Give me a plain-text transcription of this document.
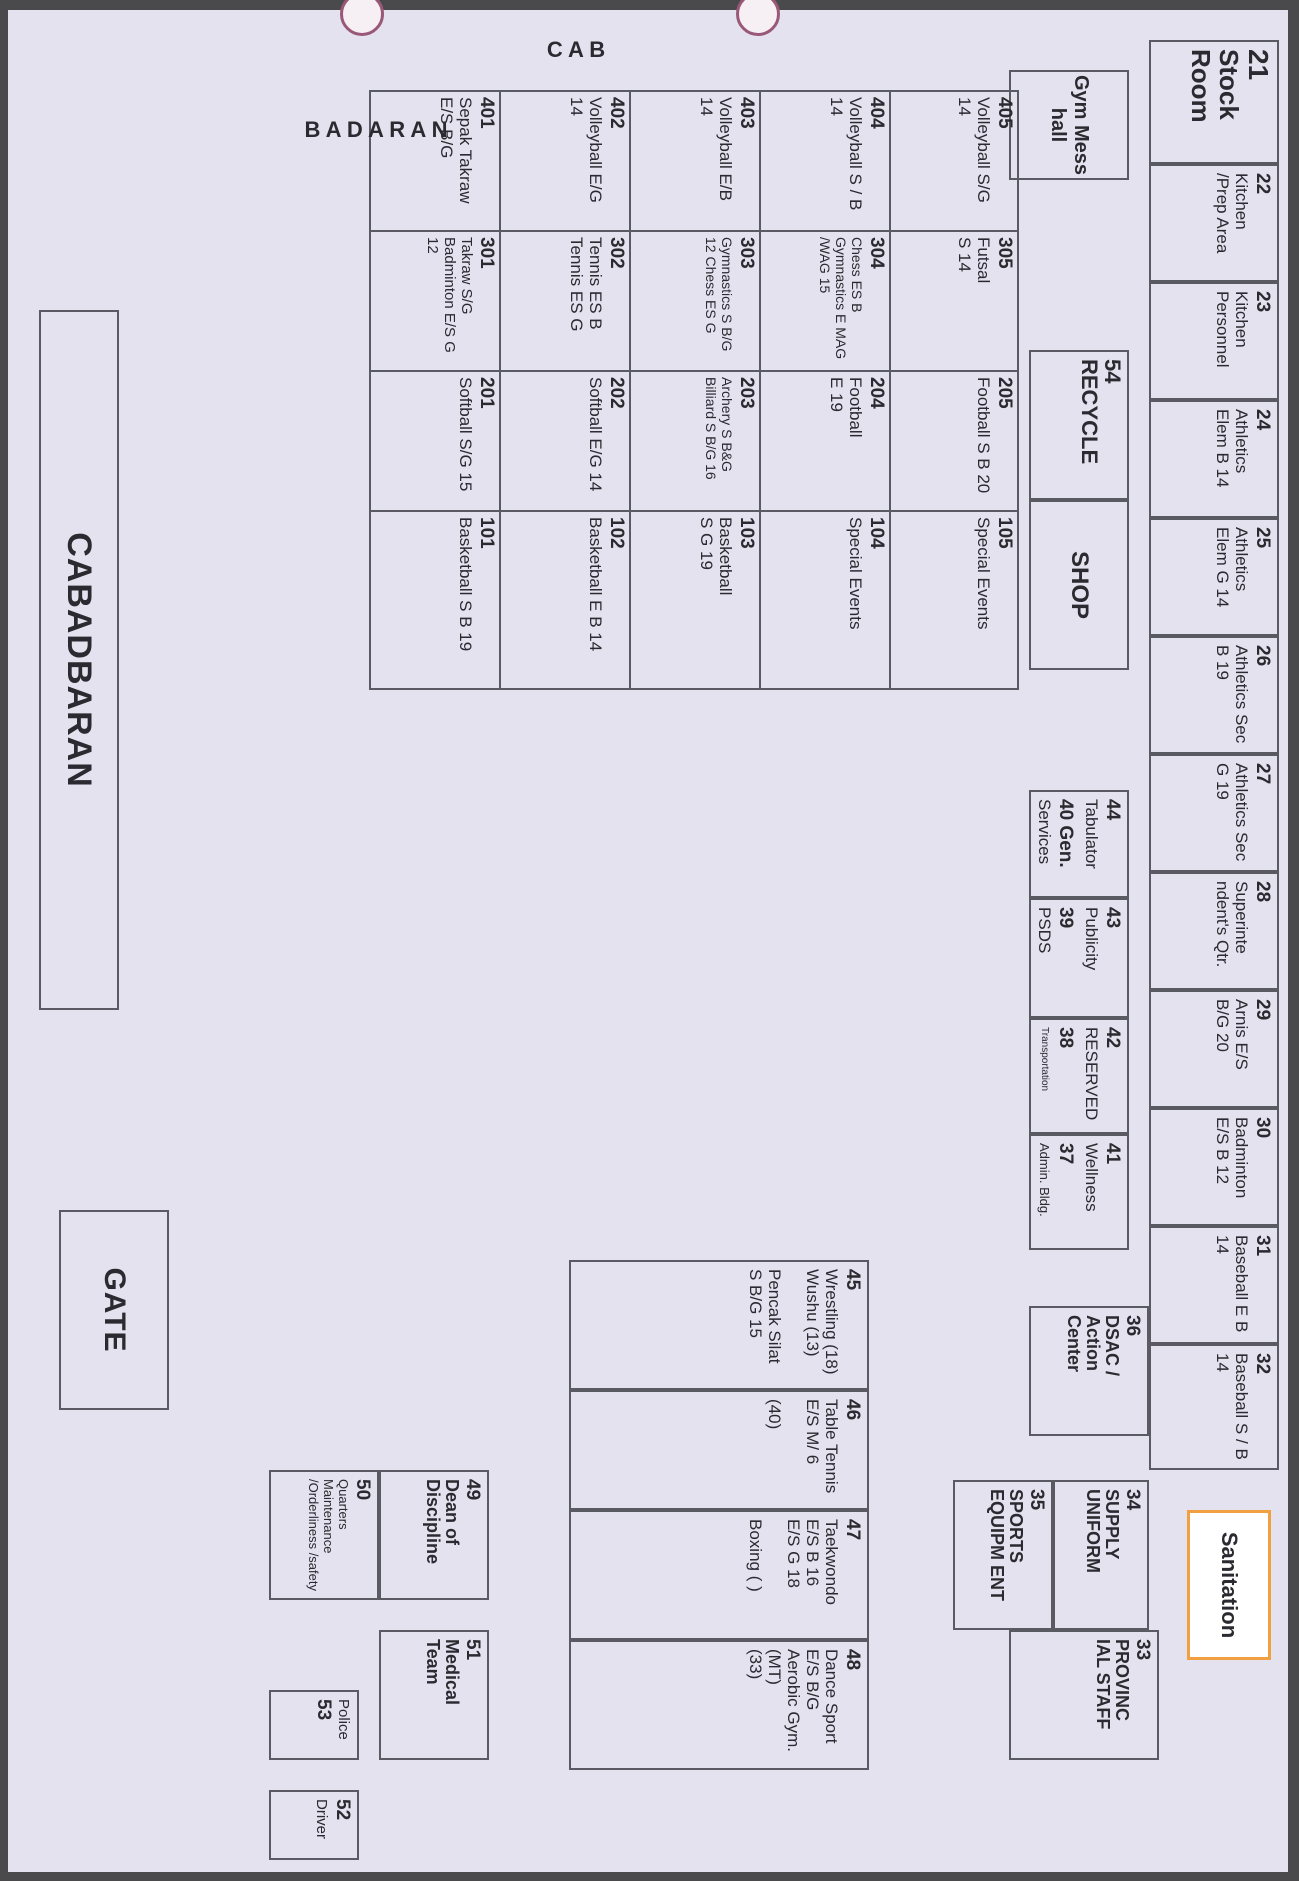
21
Stock Room
22
Kitchen /Prep Area
23
Kitchen Personnel
24
Athletics Elem B 14
25
Athletics Elem G 14
26
Athletics Sec B 19
27
Athletics Sec G 19
28
Superinte ndent's Qtr.
29
Arnis E/S B/G 20
30
Badminton E/S B 12
31
Baseball E B 14
32
Baseball S / B 14
Sanitation
Gym Mess hall
54
RECYCLE
SHOP
44
Tabulator
40 Gen.
Services
43
Publicity
39
PSDS
42
RESERVED
38
Transportation
41
Wellness
37
Admin. Bldg.
36
DSAC / Action Center
34
SUPPLY UNIFORM
35
SPORTS EQUIPM ENT
33
PROVINC IAL STAFF
405
Volleyball S/G 14
305
Futsal
S 14
205
Football S B 20
105
Special Events
404
Volleyball S / B 14
304
Chess ES B Gymnastics E MAG /WAG 15
204
Football
E 19
104
Special Events
403
Volleyball E/B 14
303
Gymnastics S B/G 12 Chess ES G
203
Archery S B&G Billiard S B/G 16
103
Basketball
S G 19
402
Volleyball E/G 14
302
Tennis ES B Tennis ES G
202
Softball E/G 14
102
Basketball E B 14
401
Sepak Takraw E/S B/G
301
Takraw S/G Badminton E/S G 12
201
Softball S/G 15
101
Basketball S B 19
45
Wrestling (18)
Wushu (13)

Pencak Silat
S B/G 15
46
Table Tennis
E/S M/ 6

(40)
47
Taekwondo E/S B 16
E/S G 18

Boxing ( )
48
Dance Sport E/S B/G
Aerobic Gym. (MT)
(33)
49
Dean of Discipline
50
Quarters Maintenance /Orderliness /safety
51
Medical Team
Police
53
52
Driver
GATE
CABADBARAN
C A B
B A D A R A N
